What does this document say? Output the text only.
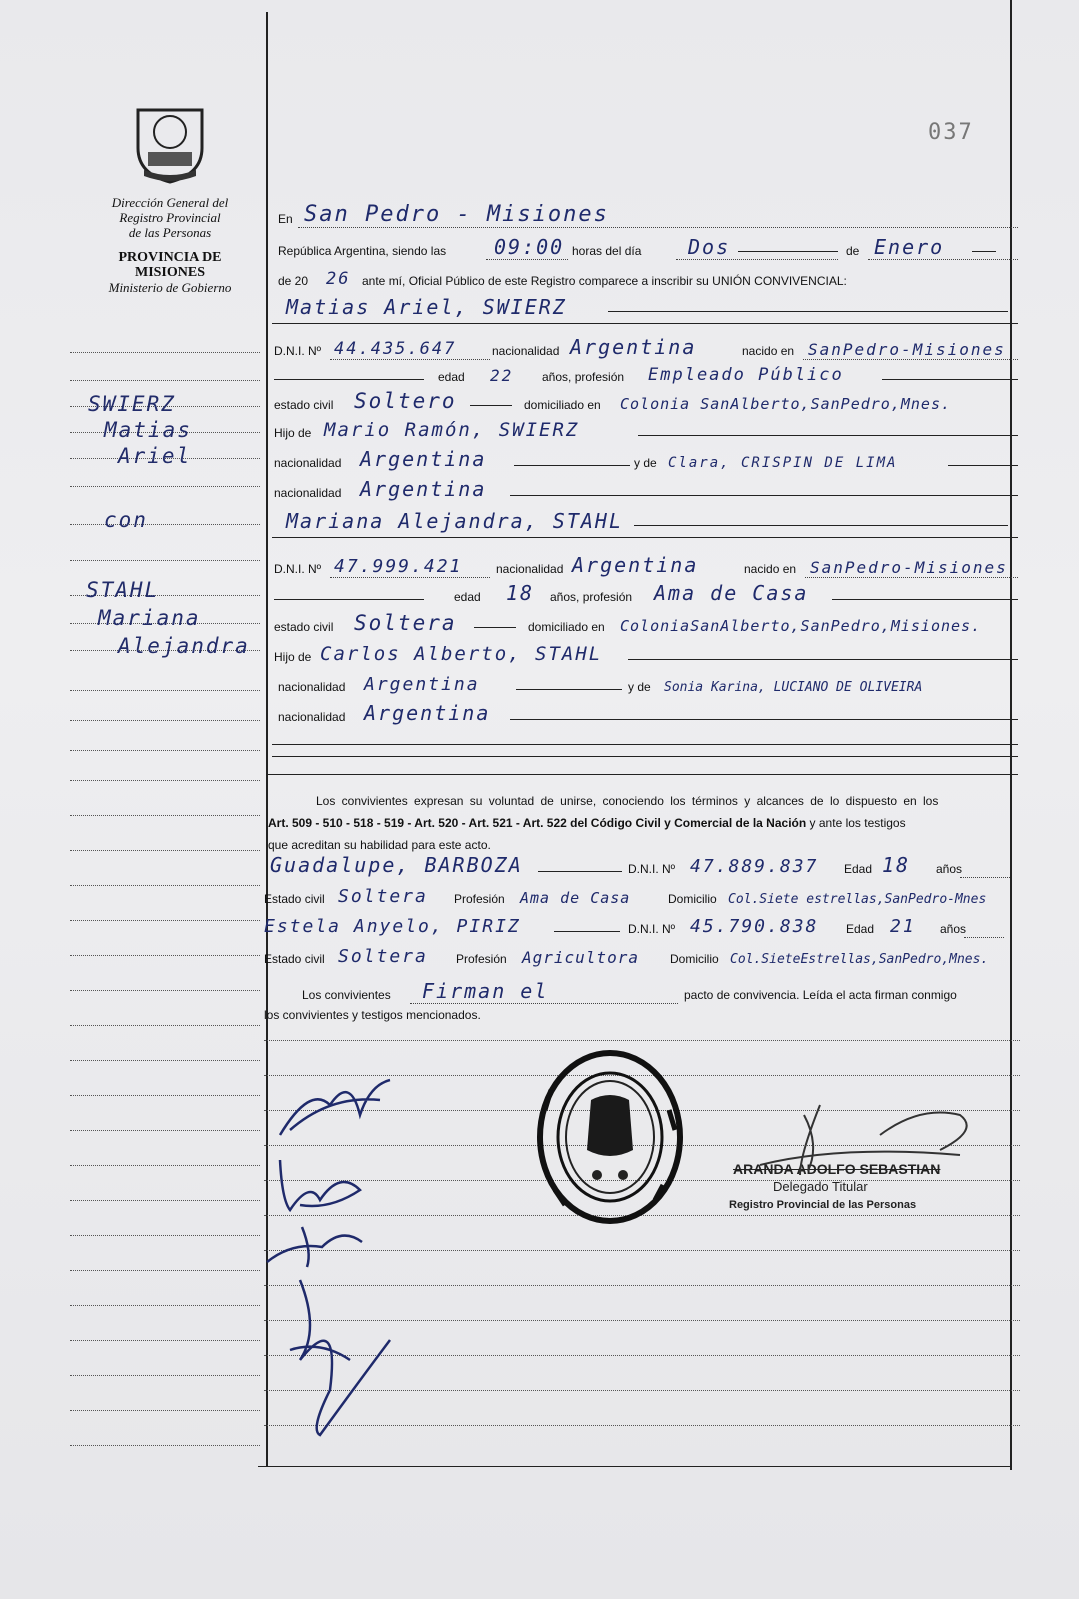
037
Dirección General del
Registro Provincial
de las Personas
PROVINCIA DE
MISIONES
Ministerio de Gobierno
SWIERZ
Matias
Ariel
con
STAHL
Mariana
Alejandra
En San Pedro - Misiones
República Argentina, siendo las 09:00 horas del día Dos	de Enero
de 20 26 ante mí, Oficial Público de este Registro comparece a inscribir su UNIÓN CONVIVENCIAL:
Matias Ariel, SWIERZ
D.N.I. Nº 44.435.647	nacionalidad Argentina	nacido en SanPedro-Misiones
edad 22 años, profesión Empleado Público
estado civil Soltero	domiciliado en Colonia SanAlberto,SanPedro,Mnes.
Hijo de Mario Ramón, SWIERZ
nacionalidad Argentina	y de Clara, CRISPIN DE LIMA
nacionalidad Argentina
Mariana Alejandra, STAHL
D.N.I. Nº 47.999.421	nacionalidad Argentina	nacido en SanPedro-Misiones
edad 18 años, profesión Ama de Casa
estado civil Soltera	domiciliado en ColoniaSanAlberto,SanPedro,Misiones.
Hijo de Carlos Alberto, STAHL
nacionalidad Argentina	y de Sonia Karina, LUCIANO DE OLIVEIRA
nacionalidad Argentina
Los convivientes expresan su voluntad de unirse, conociendo los términos y alcances de lo dispuesto en los
Art. 509 - 510 - 518 - 519 - Art. 520 - Art. 521 - Art. 522 del Código Civil y Comercial de la Nación y ante los testigos
que acreditan su habilidad para este acto.
Guadalupe, BARBOZA	D.N.I. Nº 47.889.837 Edad 18 años
Estado civil Soltera Profesión Ama de Casa	Domicilio Col.Siete estrellas,SanPedro-Mnes
Estela Anyelo, PIRIZ	D.N.I. Nº 45.790.838 Edad 21 años
Estado civil Soltera Profesión Agricultora	Domicilio Col.SieteEstrellas,SanPedro,Mnes.
Los convivientes Firman el	pacto de convivencia. Leída el acta firman conmigo
los convivientes y testigos mencionados.
ARANDA ADOLFO SEBASTIAN
Delegado Titular
Registro Provincial de las Personas
